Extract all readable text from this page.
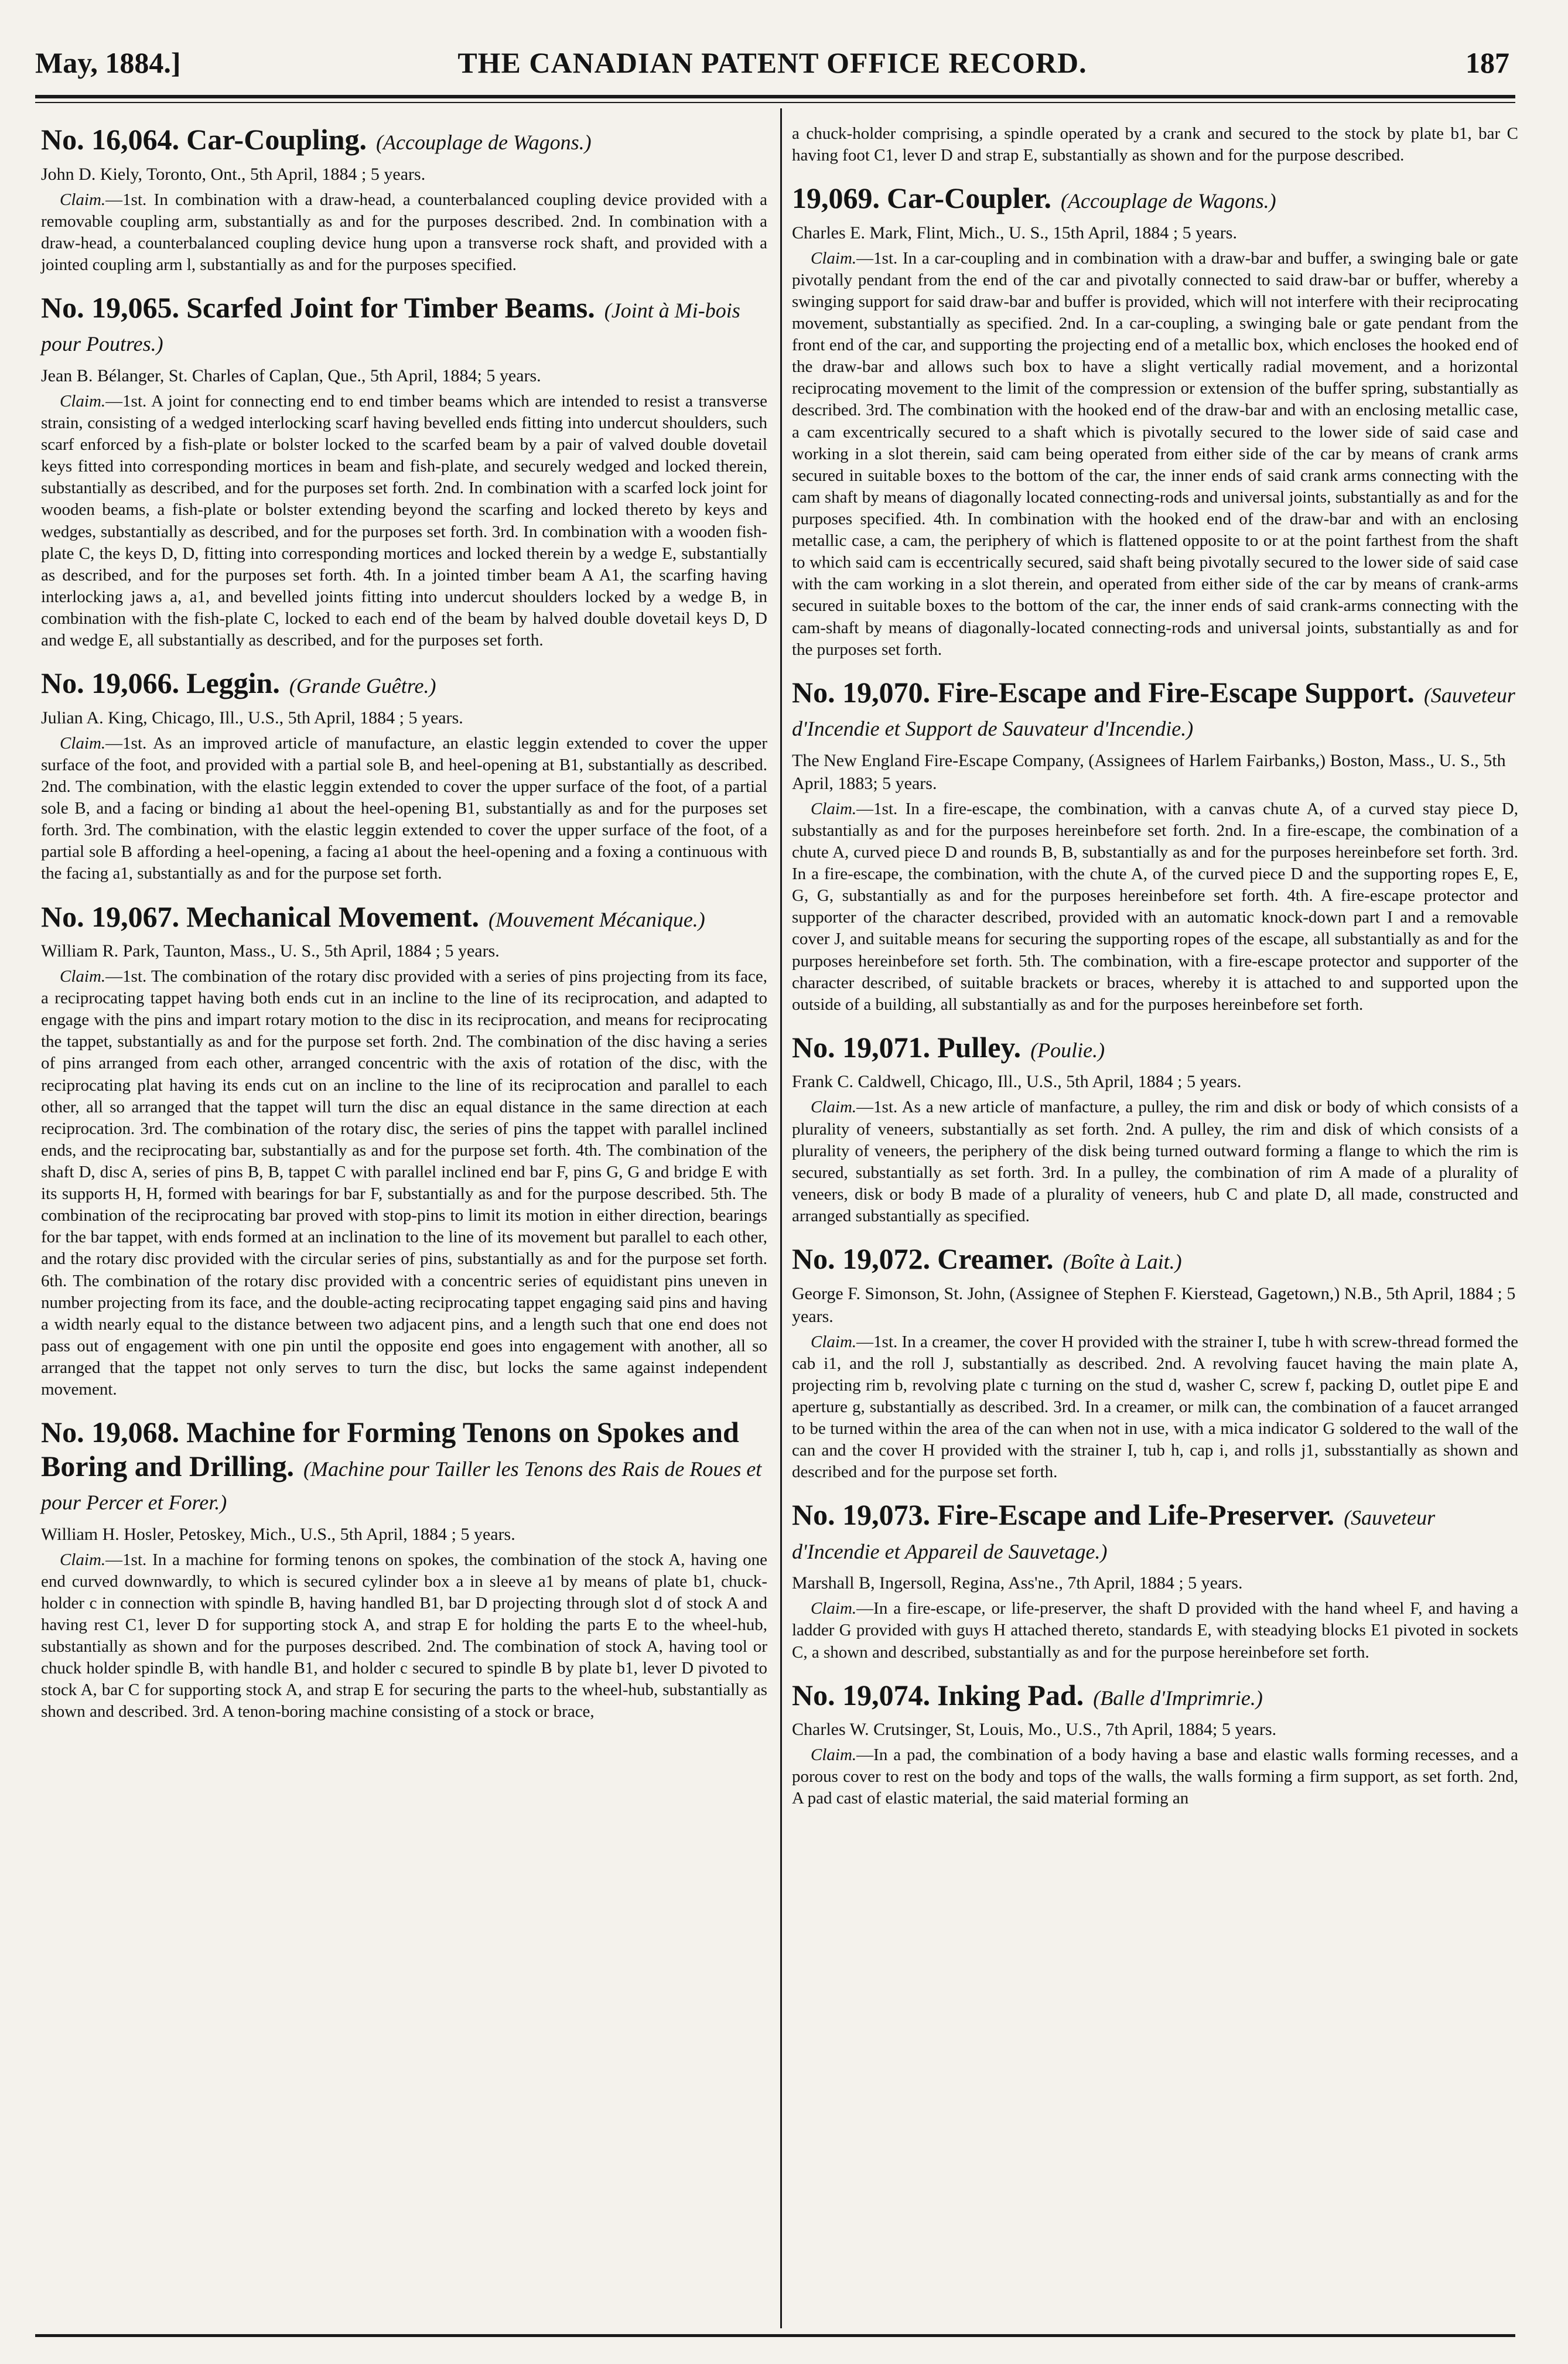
May, 1884.]	THE CANADIAN PATENT OFFICE RECORD.	187
No. 16,064. Car-Coupling. (Accouplage de Wagons.)
John D. Kiely, Toronto, Ont., 5th April, 1884 ; 5 years.

Claim.—1st. In combination with a draw-head, a counterbalanced coupling device provided with a removable coupling arm, substantially as and for the purposes described. 2nd. In combination with a draw-head, a counterbalanced coupling device hung upon a transverse rock shaft, and provided with a jointed coupling arm l, substantially as and for the purposes specified.

No. 19,065. Scarfed Joint for Timber Beams. (Joint à Mi-bois pour Poutres.)
Jean B. Bélanger, St. Charles of Caplan, Que., 5th April, 1884; 5 years.

Claim.—1st. A joint for connecting end to end timber beams which are intended to resist a transverse strain, consisting of a wedged interlocking scarf having bevelled ends fitting into undercut shoulders, such scarf enforced by a fish-plate or bolster locked to the scarfed beam by a pair of valved double dovetail keys fitted into corresponding mortices in beam and fish-plate, and securely wedged and locked therein, substantially as described, and for the purposes set forth. 2nd. In combination with a scarfed lock joint for wooden beams, a fish-plate or bolster extending beyond the scarfing and locked thereto by keys and wedges, substantially as described, and for the purposes set forth. 3rd. In combination with a wooden fish-plate C, the keys D, D, fitting into corresponding mortices and locked therein by a wedge E, substantially as described, and for the purposes set forth. 4th. In a jointed timber beam A A1, the scarfing having interlocking jaws a, a1, and bevelled joints fitting into undercut shoulders locked by a wedge B, in combination with the fish-plate C, locked to each end of the beam by halved double dovetail keys D, D and wedge E, all substantially as described, and for the purposes set forth.

No. 19,066. Leggin. (Grande Guêtre.)
Julian A. King, Chicago, Ill., U.S., 5th April, 1884 ; 5 years.

Claim.—1st. As an improved article of manufacture, an elastic leggin extended to cover the upper surface of the foot, and provided with a partial sole B, and heel-opening at B1, substantially as described. 2nd. The combination, with the elastic leggin extended to cover the upper surface of the foot, of a partial sole B, and a facing or binding a1 about the heel-opening B1, substantially as and for the purposes set forth. 3rd. The combination, with the elastic leggin extended to cover the upper surface of the foot, of a partial sole B affording a heel-opening, a facing a1 about the heel-opening and a foxing a continuous with the facing a1, substantially as and for the purpose set forth.

No. 19,067. Mechanical Movement. (Mouvement Mécanique.)
William R. Park, Taunton, Mass., U. S., 5th April, 1884 ; 5 years.

Claim.—1st. The combination of the rotary disc provided with a series of pins projecting from its face, a reciprocating tappet having both ends cut in an incline to the line of its reciprocation, and adapted to engage with the pins and impart rotary motion to the disc in its reciprocation, and means for reciprocating the tappet, substantially as and for the purpose set forth. 2nd. The combination of the disc having a series of pins arranged from each other, arranged concentric with the axis of rotation of the disc, with the reciprocating plat having its ends cut on an incline to the line of its reciprocation and parallel to each other, all so arranged that the tappet will turn the disc an equal distance in the same direction at each reciprocation. 3rd. The combination of the rotary disc, the series of pins the tappet with parallel inclined ends, and the reciprocating bar, substantially as and for the purpose set forth. 4th. The combination of the shaft D, disc A, series of pins B, B, tappet C with parallel inclined end bar F, pins G, G and bridge E with its supports H, H, formed with bearings for bar F, substantially as and for the purpose described. 5th. The combination of the reciprocating bar proved with stop-pins to limit its motion in either direction, bearings for the bar tappet, with ends formed at an inclination to the line of its movement but parallel to each other, and the rotary disc provided with the circular series of pins, substantially as and for the purpose set forth. 6th. The combination of the rotary disc provided with a concentric series of equidistant pins uneven in number projecting from its face, and the double-acting reciprocating tappet engaging said pins and having a width nearly equal to the distance between two adjacent pins, and a length such that one end does not pass out of engagement with one pin until the opposite end goes into engagement with another, all so arranged that the tappet not only serves to turn the disc, but locks the same against independent movement.

No. 19,068. Machine for Forming Tenons on Spokes and Boring and Drilling. (Machine pour Tailler les Tenons des Rais de Roues et pour Percer et Forer.)
William H. Hosler, Petoskey, Mich., U.S., 5th April, 1884 ; 5 years.

Claim.—1st. In a machine for forming tenons on spokes, the combination of the stock A, having one end curved downwardly, to which is secured cylinder box a in sleeve a1 by means of plate b1, chuck-holder c in connection with spindle B, having handled B1, bar D projecting through slot d of stock A and having rest C1, lever D for supporting stock A, and strap E for holding the parts E to the wheel-hub, substantially as shown and for the purposes described. 2nd. The combination of stock A, having tool or chuck holder spindle B, with handle B1, and holder c secured to spindle B by plate b1, lever D pivoted to stock A, bar C for supporting stock A, and strap E for securing the parts to the wheel-hub, substantially as shown and described. 3rd. A tenon-boring machine consisting of a stock or brace,

a chuck-holder comprising, a spindle operated by a crank and secured to the stock by plate b1, bar C having foot C1, lever D and strap E, substantially as shown and for the purpose described.

19,069. Car-Coupler. (Accouplage de Wagons.)
Charles E. Mark, Flint, Mich., U. S., 15th April, 1884 ; 5 years.

Claim.—1st. In a car-coupling and in combination with a draw-bar and buffer, a swinging bale or gate pivotally pendant from the end of the car and pivotally connected to said draw-bar or buffer, whereby a swinging support for said draw-bar and buffer is provided, which will not interfere with their reciprocating movement, substantially as specified. 2nd. In a car-coupling, a swinging bale or gate pendant from the front end of the car, and supporting the projecting end of a metallic box, which encloses the hooked end of the draw-bar and allows such box to have a slight vertically radial movement, and a horizontal reciprocating movement to the limit of the compression or extension of the buffer spring, substantially as described. 3rd. The combination with the hooked end of the draw-bar and with an enclosing metallic case, a cam excentrically secured to a shaft which is pivotally secured to the lower side of said case and working in a slot therein, said cam being operated from either side of the car by means of crank arms secured in suitable boxes to the bottom of the car, the inner ends of said crank arms connecting with the cam shaft by means of diagonally located connecting-rods and universal joints, substantially as and for the purposes specified. 4th. In combination with the hooked end of the draw-bar and with an enclosing metallic case, a cam, the periphery of which is flattened opposite to or at the point farthest from the shaft to which said cam is eccentrically secured, said shaft being pivotally secured to the lower side of said case with the cam working in a slot therein, and operated from either side of the car by means of crank-arms secured in suitable boxes to the bottom of the car, the inner ends of said crank-arms connecting with the cam-shaft by means of diagonally-located connecting-rods and universal joints, substantially as and for the purposes set forth.

No. 19,070. Fire-Escape and Fire-Escape Support. (Sauveteur d'Incendie et Support de Sauvateur d'Incendie.)
The New England Fire-Escape Company, (Assignees of Harlem Fairbanks,) Boston, Mass., U. S., 5th April, 1883; 5 years.

Claim.—1st. In a fire-escape, the combination, with a canvas chute A, of a curved stay piece D, substantially as and for the purposes hereinbefore set forth. 2nd. In a fire-escape, the combination of a chute A, curved piece D and rounds B, B, substantially as and for the purposes hereinbefore set forth. 3rd. In a fire-escape, the combination, with the chute A, of the curved piece D and the supporting ropes E, E, G, G, substantially as and for the purposes hereinbefore set forth. 4th. A fire-escape protector and supporter of the character described, provided with an automatic knock-down part I and a removable cover J, and suitable means for securing the supporting ropes of the escape, all substantially as and for the purposes hereinbefore set forth. 5th. The combination, with a fire-escape protector and supporter of the character described, of suitable brackets or braces, whereby it is attached to and supported upon the outside of a building, all substantially as and for the purposes hereinbefore set forth.

No. 19,071. Pulley. (Poulie.)
Frank C. Caldwell, Chicago, Ill., U.S., 5th April, 1884 ; 5 years.

Claim.—1st. As a new article of manfacture, a pulley, the rim and disk or body of which consists of a plurality of veneers, substantially as set forth. 2nd. A pulley, the rim and disk of which consists of a plurality of veneers, the periphery of the disk being turned outward forming a flange to which the rim is secured, substantially as set forth. 3rd. In a pulley, the combination of rim A made of a plurality of veneers, disk or body B made of a plurality of veneers, hub C and plate D, all made, constructed and arranged substantially as specified.

No. 19,072. Creamer. (Boîte à Lait.)
George F. Simonson, St. John, (Assignee of Stephen F. Kierstead, Gagetown,) N.B., 5th April, 1884 ; 5 years.

Claim.—1st. In a creamer, the cover H provided with the strainer I, tube h with screw-thread formed the cab i1, and the roll J, substantially as described. 2nd. A revolving faucet having the main plate A, projecting rim b, revolving plate c turning on the stud d, washer C, screw f, packing D, outlet pipe E and aperture g, substantially as described. 3rd. In a creamer, or milk can, the combination of a faucet arranged to be turned within the area of the can when not in use, with a mica indicator G soldered to the wall of the can and the cover H provided with the strainer I, tub h, cap i, and rolls j1, subsstantially as shown and described and for the purpose set forth.

No. 19,073. Fire-Escape and Life-Preserver. (Sauveteur d'Incendie et Appareil de Sauvetage.)
Marshall B, Ingersoll, Regina, Ass'ne., 7th April, 1884 ; 5 years.

Claim.—In a fire-escape, or life-preserver, the shaft D provided with the hand wheel F, and having a ladder G provided with guys H attached thereto, standards E, with steadying blocks E1 pivoted in sockets C, a shown and described, substantially as and for the purpose hereinbefore set forth.

No. 19,074. Inking Pad. (Balle d'Imprimrie.)
Charles W. Crutsinger, St, Louis, Mo., U.S., 7th April, 1884; 5 years.

Claim.—In a pad, the combination of a body having a base and elastic walls forming recesses, and a porous cover to rest on the body and tops of the walls, the walls forming a firm support, as set forth. 2nd, A pad cast of elastic material, the said material forming an
